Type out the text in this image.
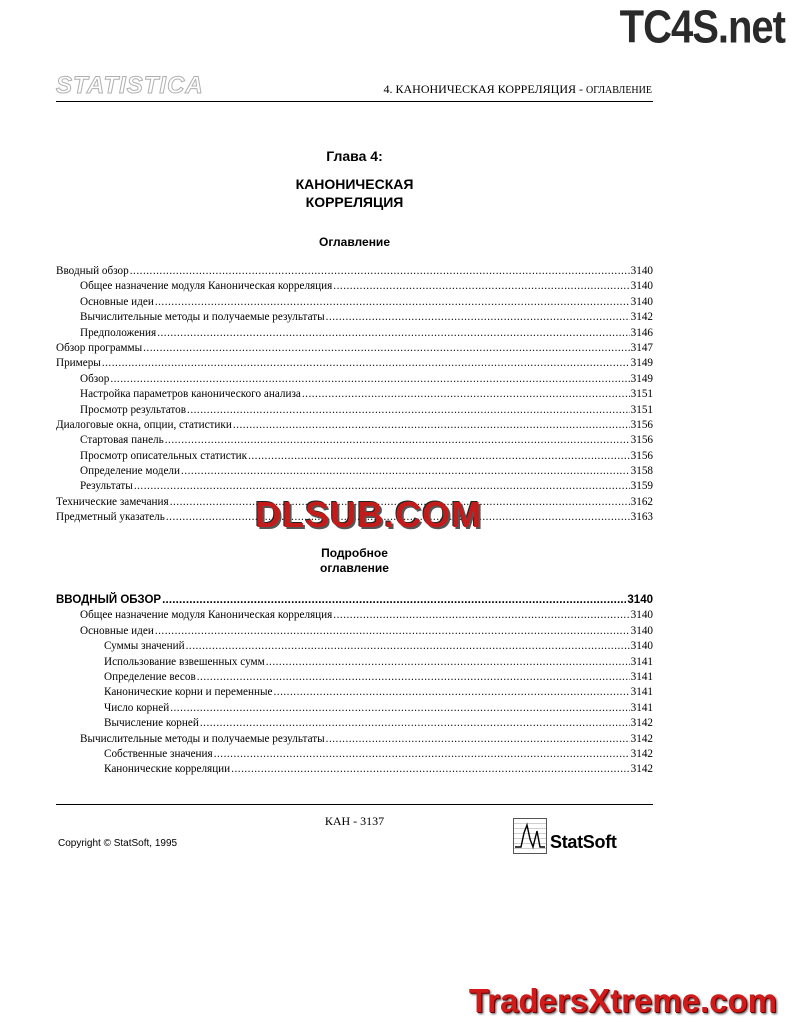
TC4S.net
STATISTICA	4. КАНОНИЧЕСКАЯ КОРРЕЛЯЦИЯ - ОГЛАВЛЕНИЕ
Глава 4:
КАНОНИЧЕСКАЯ
КОРРЕЛЯЦИЯ
Оглавление
Вводный обзор .....	3140
Общее назначение модуля Каноническая корреляция .....	3140
Основные идеи .....	3140
Вычислительные методы и получаемые результаты .....	3142
Предположения .....	3146
Обзор программы .....	3147
Примеры .....	3149
Обзор .....	3149
Настройка параметров канонического анализа .....	3151
Просмотр результатов .....	3151
Диалоговые окна, опции, статистики .....	3156
Стартовая панель .....	3156
Просмотр описательных статистик .....	3156
Определение модели .....	3158
Результаты .....	3159
Технические замечания .....	3162
Предметный указатель .....	3163
DLSUB.COM
Подробное
оглавление
ВВОДНЫЙ ОБЗОР .....	3140
Общее назначение модуля Каноническая корреляция .....	3140
Основные идеи .....	3140
Суммы значений .....	3140
Использование взвешенных сумм .....	3141
Определение весов .....	3141
Канонические корни и переменные .....	3141
Число корней .....	3141
Вычисление корней .....	3142
Вычислительные методы и получаемые результаты .....	3142
Собственные значения .....	3142
Канонические корреляции .....	3142
КАН - 3137
Copyright © StatSoft, 1995	StatSoft
TradersXtreme.com
